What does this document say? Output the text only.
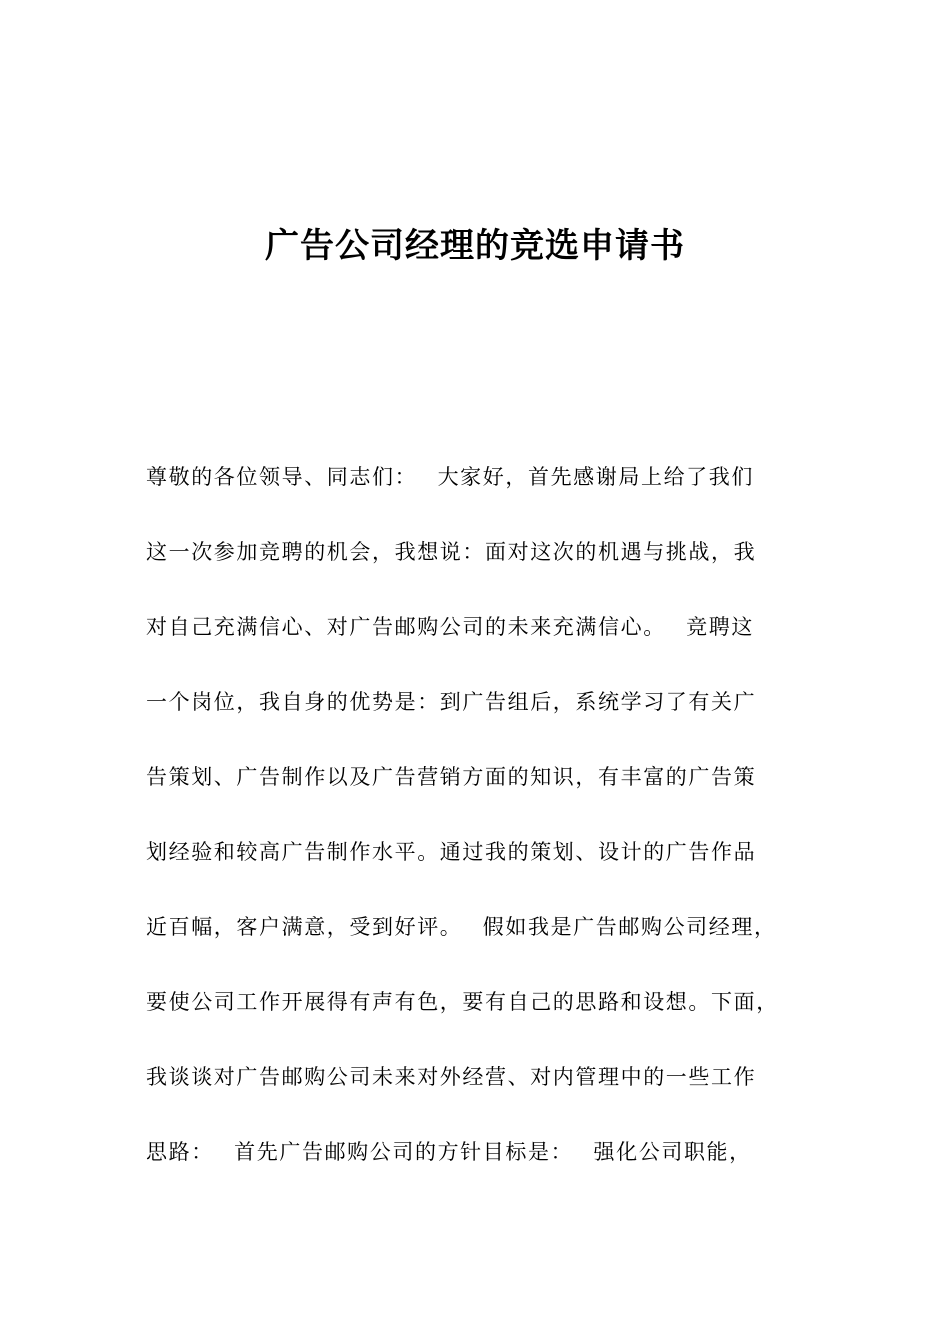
广告公司经理的竞选申请书
尊敬的各位领导、同志们：　 大家好，首先感谢局上给了我们
这一次参加竞聘的机会，我想说：面对这次的机遇与挑战，我
对自己充满信心、对广告邮购公司的未来充满信心。　 竞聘这
一个岗位，我自身的优势是：到广告组后，系统学习了有关广
告策划、广告制作以及广告营销方面的知识，有丰富的广告策
划经验和较高广告制作水平。通过我的策划、设计的广告作品
近百幅，客户满意，受到好评。　 假如我是广告邮购公司经理，
要使公司工作开展得有声有色，要有自己的思路和设想。下面，
我谈谈对广告邮购公司未来对外经营、对内管理中的一些工作
思路：　 首先广告邮购公司的方针目标是：　 强化公司职能，
